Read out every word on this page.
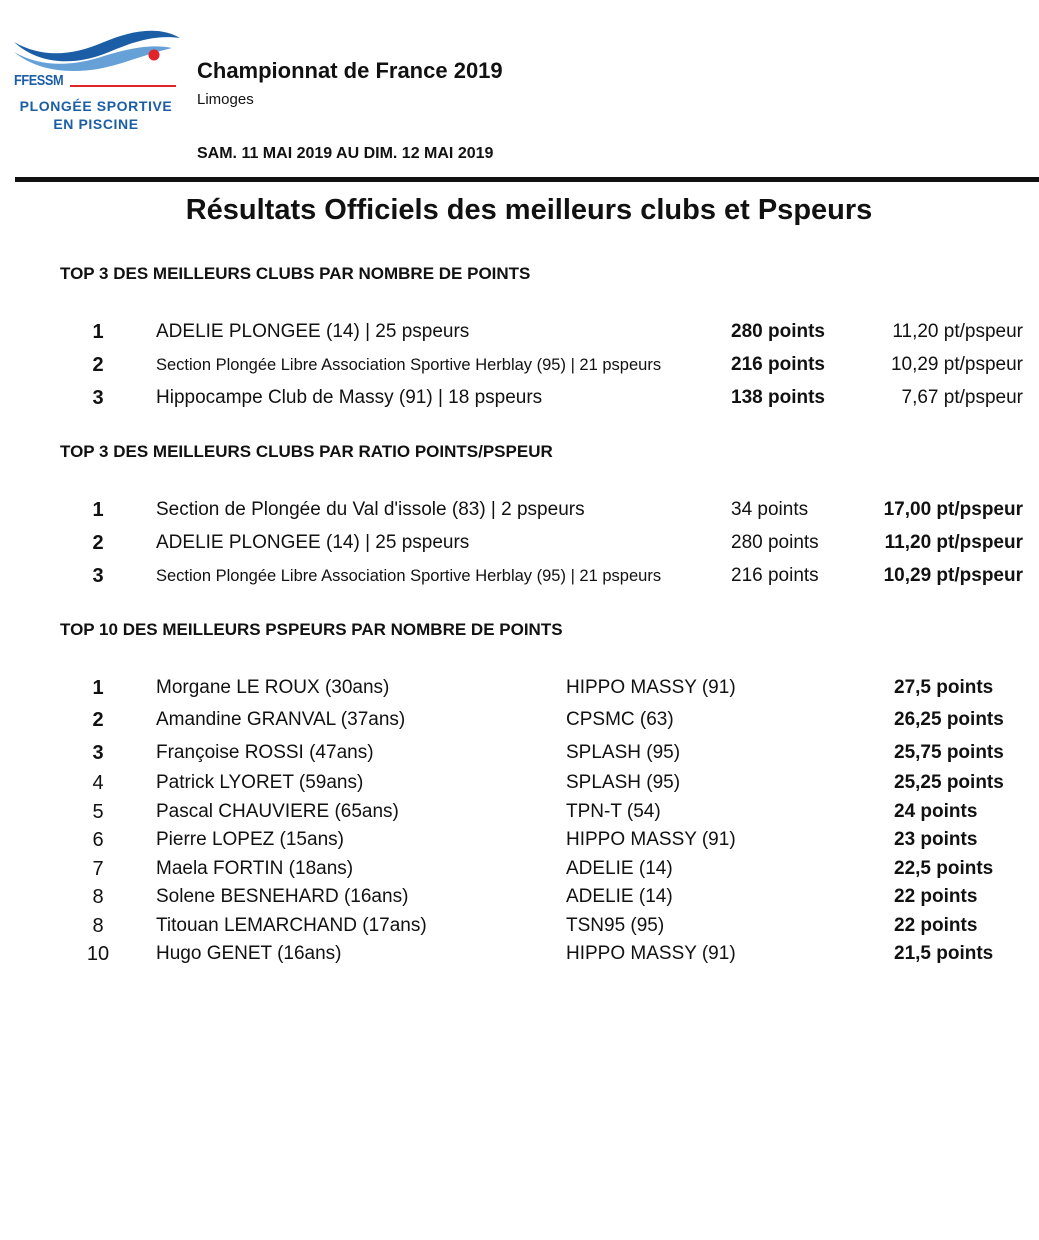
FFESSM
PLONGÉE SPORTIVE
EN PISCINE
Championnat de France 2019
Limoges
SAM. 11 MAI 2019 AU DIM. 12 MAI 2019
Résultats Officiels des meilleurs clubs et Pspeurs
TOP 3 DES MEILLEURS CLUBS PAR NOMBRE DE POINTS
1	ADELIE PLONGEE (14) | 25 pspeurs	280 points	11,20 pt/pspeur
2	Section Plongée Libre Association Sportive Herblay (95) | 21 pspeurs	216 points	10,29 pt/pspeur
3	Hippocampe Club de Massy (91) | 18 pspeurs	138 points	7,67 pt/pspeur
TOP 3 DES MEILLEURS CLUBS PAR RATIO POINTS/PSPEUR
1	Section de Plongée du Val d'issole (83) | 2 pspeurs	34 points	17,00 pt/pspeur
2	ADELIE PLONGEE (14) | 25 pspeurs	280 points	11,20 pt/pspeur
3	Section Plongée Libre Association Sportive Herblay (95) | 21 pspeurs	216 points	10,29 pt/pspeur
TOP 10 DES MEILLEURS PSPEURS PAR NOMBRE DE POINTS
1	Morgane LE ROUX (30ans)	HIPPO MASSY (91)	27,5 points
2	Amandine GRANVAL (37ans)	CPSMC (63)	26,25 points
3	Françoise ROSSI (47ans)	SPLASH (95)	25,75 points
4	Patrick LYORET (59ans)	SPLASH (95)	25,25 points
5	Pascal CHAUVIERE (65ans)	TPN-T (54)	24 points
6	Pierre LOPEZ (15ans)	HIPPO MASSY (91)	23 points
7	Maela FORTIN (18ans)	ADELIE (14)	22,5 points
8	Solene BESNEHARD (16ans)	ADELIE (14)	22 points
8	Titouan LEMARCHAND (17ans)	TSN95 (95)	22 points
10	Hugo GENET (16ans)	HIPPO MASSY (91)	21,5 points
